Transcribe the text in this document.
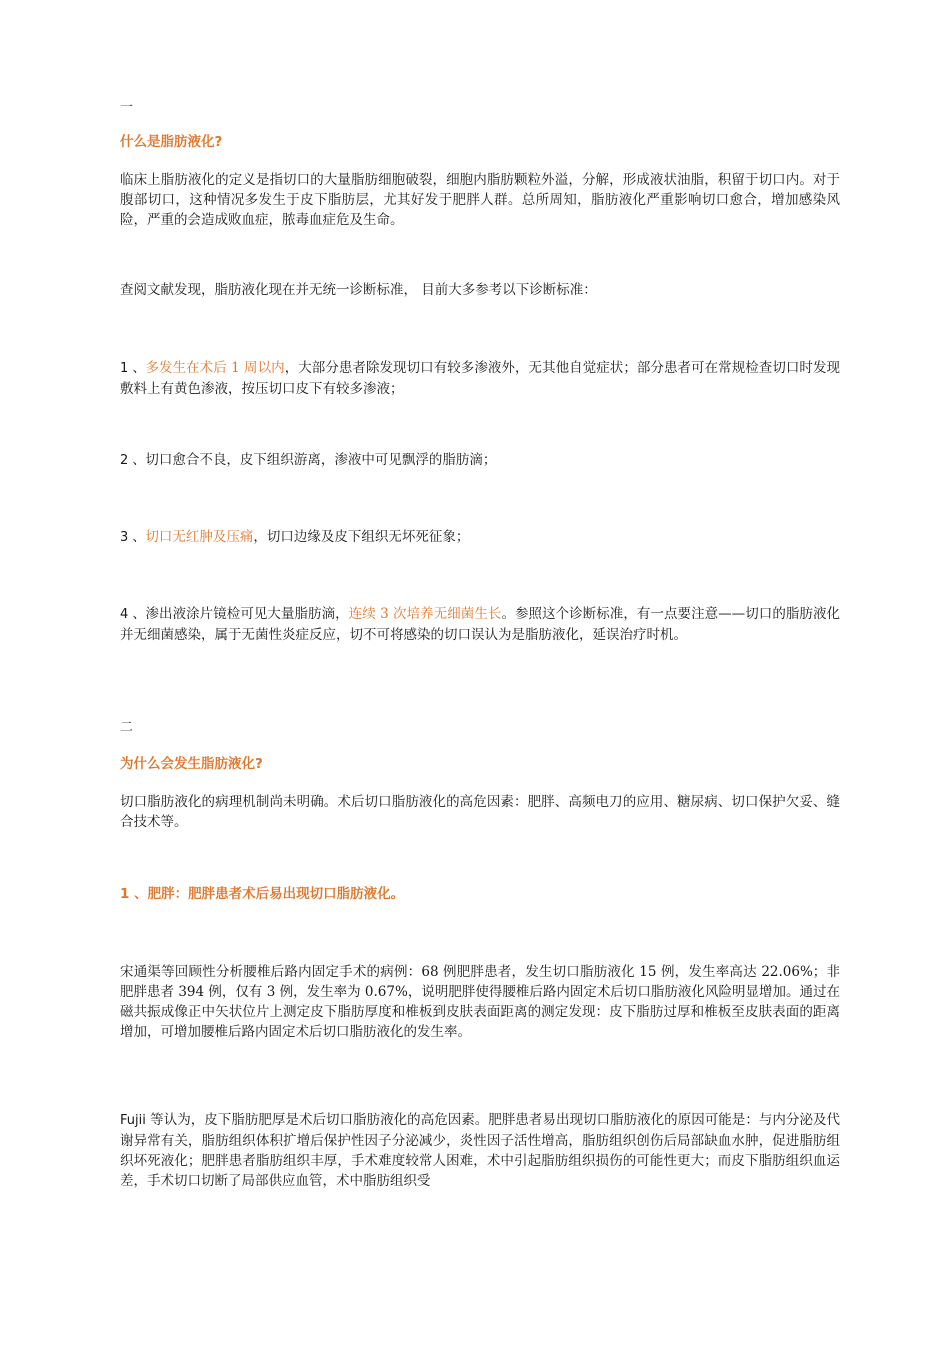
一

什么是脂肪液化?

临床上脂肪液化的定义是指切口的大量脂肪细胞破裂，细胞内脂肪颗粒外溢，分解，形成液状油脂，积留于切口内。对于腹部切口，这种情况多发生于皮下脂肪层，尤其好发于肥胖人群。总所周知，脂肪液化严重影响切口愈合，增加感染风险，严重的会造成败血症，脓毒血症危及生命。

查阅文献发现，脂肪液化现在并无统一诊断标准， 目前大多参考以下诊断标准：

1 、多发生在术后 1 周以内，大部分患者除发现切口有较多渗液外，无其他自觉症状；部分患者可在常规检查切口时发现敷料上有黄色渗液，按压切口皮下有较多渗液；

2 、切口愈合不良，皮下组织游离，渗液中可见飘浮的脂肪滴；

3 、切口无红肿及压痛，切口边缘及皮下组织无坏死征象；

4 、渗出液涂片镜检可见大量脂肪滴，连续 3 次培养无细菌生长。参照这个诊断标准，有一点要注意——切口的脂肪液化并无细菌感染，属于无菌性炎症反应，切不可将感染的切口误认为是脂肪液化，延误治疗时机。

二

为什么会发生脂肪液化?

切口脂肪液化的病理机制尚未明确。术后切口脂肪液化的高危因素：肥胖、高频电刀的应用、糖尿病、切口保护欠妥、缝合技术等。

1 、肥胖：肥胖患者术后易出现切口脂肪液化。

宋通渠等回顾性分析腰椎后路内固定手术的病例：68 例肥胖患者，发生切口脂肪液化 15 例，发生率高达 22.06%；非肥胖患者 394 例，仅有 3 例，发生率为 0.67%，说明肥胖使得腰椎后路内固定术后切口脂肪液化风险明显增加。通过在磁共振成像正中矢状位片上测定皮下脂肪厚度和椎板到皮肤表面距离的测定发现：皮下脂肪过厚和椎板至皮肤表面的距离增加，可增加腰椎后路内固定术后切口脂肪液化的发生率。

Fujii 等认为，皮下脂肪肥厚是术后切口脂肪液化的高危因素。肥胖患者易出现切口脂肪液化的原因可能是：与内分泌及代谢异常有关，脂肪组织体积扩增后保护性因子分泌减少，炎性因子活性增高，脂肪组织创伤后局部缺血水肿，促进脂肪组织坏死液化；肥胖患者脂肪组织丰厚，手术难度较常人困难，术中引起脂肪组织损伤的可能性更大；而皮下脂肪组织血运差，手术切口切断了局部供应血管，术中脂肪组织受
